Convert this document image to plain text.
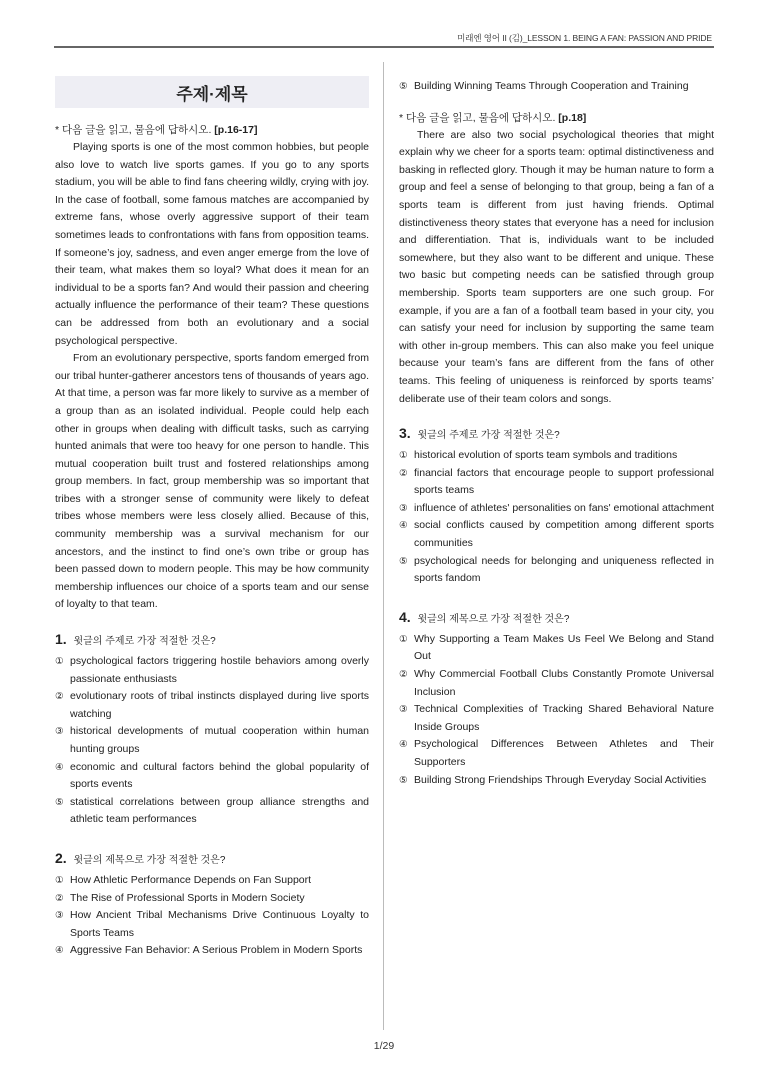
미래엔 영어 II (김)_LESSON 1. BEING A FAN: PASSION AND PRIDE
주제·제목
* 다음 글을 읽고, 물음에 답하시오. [p.16-17]

Playing sports is one of the most common hobbies, but people also love to watch live sports games. If you go to any sports stadium, you will be able to find fans cheering wildly, crying with joy. In the case of football, some famous matches are accompanied by extreme fans, whose overly aggressive support of their team sometimes leads to confrontations with fans from opposition teams. If someone’s joy, sadness, and even anger emerge from the love of their team, what makes them so loyal? What does it mean for an individual to be a sports fan? And would their passion and cheering actually influence the performance of their team? These questions can be addressed from both an evolutionary and a social psychological perspective.

From an evolutionary perspective, sports fandom emerged from our tribal hunter-gatherer ancestors tens of thousands of years ago. At that time, a person was far more likely to survive as a member of a group than as an isolated individual. People could help each other in groups when dealing with difficult tasks, such as carrying hunted animals that were too heavy for one person to handle. This mutual cooperation built trust and fostered relationships among group members. In fact, group membership was so important that tribes with a stronger sense of community were likely to defeat tribes whose members were less closely allied. Because of this, community membership was a survival mechanism for our ancestors, and the instinct to find one’s own tribe or group has been passed down to modern people. This may be how community membership influences our choice of a sports team and our sense of loyalty to that team.

1. 윗글의 주제로 가장 적절한 것은?
① psychological factors triggering hostile behaviors among overly passionate enthusiasts
② evolutionary roots of tribal instincts displayed during live sports watching
③ historical developments of mutual cooperation within human hunting groups
④ economic and cultural factors behind the global popularity of sports events
⑤ statistical correlations between group alliance strengths and athletic team performances
2. 윗글의 제목으로 가장 적절한 것은?
① How Athletic Performance Depends on Fan Support
② The Rise of Professional Sports in Modern Society
③ How Ancient Tribal Mechanisms Drive Continuous Loyalty to Sports Teams
④ Aggressive Fan Behavior: A Serious Problem in Modern Sports
⑤ Building Winning Teams Through Cooperation and Training
* 다음 글을 읽고, 물음에 답하시오. [p.18]

There are also two social psychological theories that might explain why we cheer for a sports team: optimal distinctiveness and basking in reflected glory. Though it may be human nature to form a group and feel a sense of belonging to that group, being a fan of a sports team is different from just having friends. Optimal distinctiveness theory states that everyone has a need for inclusion and differentiation. That is, individuals want to be included somewhere, but they also want to be different and unique. These two basic but competing needs can be satisfied through group membership. Sports team supporters are one such group. For example, if you are a fan of a football team based in your city, you can satisfy your need for inclusion by supporting the same team with other in-group members. This can also make you feel unique because your team’s fans are different from the fans of other teams. This feeling of uniqueness is reinforced by sports teams’ deliberate use of their team colors and songs.

3. 윗글의 주제로 가장 적절한 것은?
① historical evolution of sports team symbols and traditions
② financial factors that encourage people to support professional sports teams
③ influence of athletes' personalities on fans' emotional attachment
④ social conflicts caused by competition among different sports communities
⑤ psychological needs for belonging and uniqueness reflected in sports fandom
4. 윗글의 제목으로 가장 적절한 것은?
① Why Supporting a Team Makes Us Feel We Belong and Stand Out
② Why Commercial Football Clubs Constantly Promote Universal Inclusion
③ Technical Complexities of Tracking Shared Behavioral Nature Inside Groups
④ Psychological Differences Between Athletes and Their Supporters
⑤ Building Strong Friendships Through Everyday Social Activities
1/29
